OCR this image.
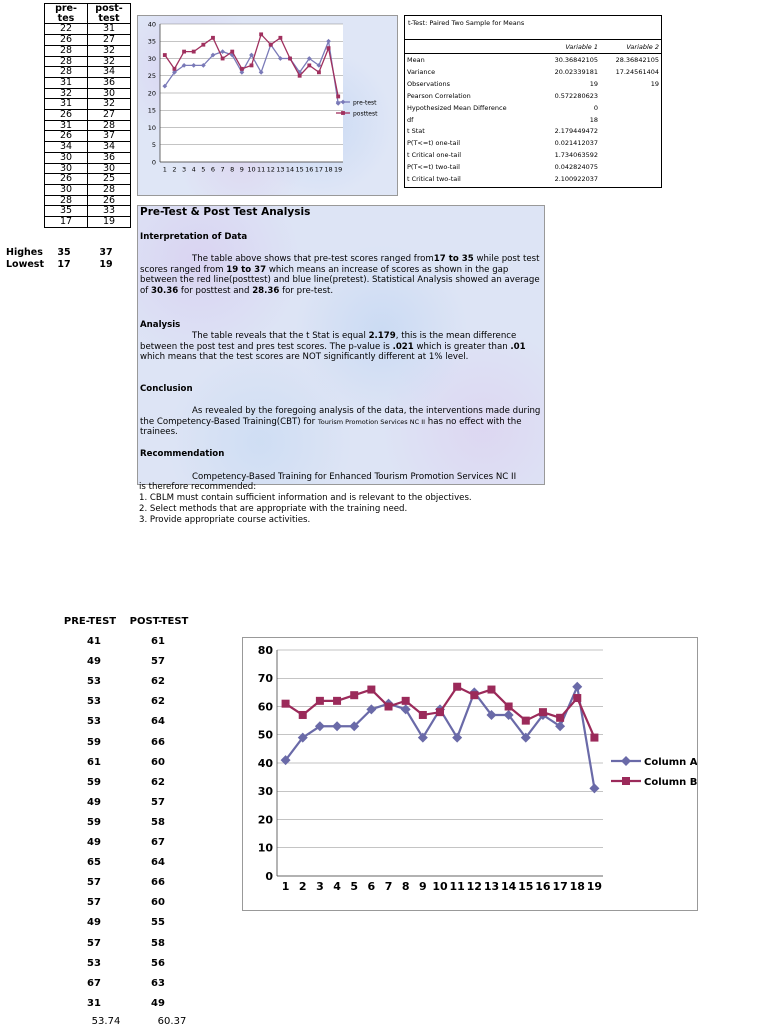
pre-tes	post-test
22	31
26	27
28	32
28	32
28	34
31	36
32	30
31	32
26	27
31	28
26	37
34	34
30	36
30	30
26	25
30	28
28	26
35	33
17	19
Highes 35	37
Lowest 17	19
0
5
10
15
20
25
30
35
40
1 2 3 4 5 6 7 8 9 10 11 12 13 14 15 16 17 18 19
pre-test
posttest
t-Test: Paired Two Sample for Means
Variable 1	Variable 2
Mean	30.36842105	28.36842105
Variance	20.02339181	17.24561404
Observations	19	19
Pearson Correlation	0.572280623
Hypothesized Mean Difference	0
df	18
t Stat	2.179449472
P(T<=t) one-tail	0.021412037
t Critical one-tail	1.734063592
P(T<=t) two-tail	0.042824075
t Critical two-tail	2.100922037
Pre-Test & Post Test Analysis
Interpretation of Data
The table above shows that pre-test scores ranged from17 to 35 while post test scores ranged from 19 to 37 which means an increase of scores as shown in the gap between the red line(posttest) and blue line(pretest). Statistical Analysis showed an average of 30.36 for posttest and 28.36 for pre-test.
Analysis
The table reveals that the t Stat is equal 2.179, this is the mean difference between the post test and pres test scores. The p-value is .021 which is greater than .01 which means that the test scores are NOT significantly different at 1% level.
Conclusion
As revealed by the foregoing analysis of the data, the interventions made during the Competency-Based Training(CBT) for Tourism Promotion Services NC II has no effect with the trainees.
Recommendation
Competency-Based Training for Enhanced Tourism Promotion Services NC II
is therefore recommended:
1. CBLM must contain sufficient information and is relevant to the objectives.
2. Select methods that are appropriate with the training need.
3. Provide appropriate course activities.
PRE-TEST	POST-TEST
41	61
49	57
53	62
53	62
53	64
59	66
61	60
59	62
49	57
59	58
49	67
65	64
57	66
57	60
49	55
57	58
53	56
67	63
31	49
53.74	60.37
0
10
20
30
40
50
60
70
80
1 2 3 4 5 6 7 8 9 10 11 12 13 14 15 16 17 18 19
Column A
Column B
